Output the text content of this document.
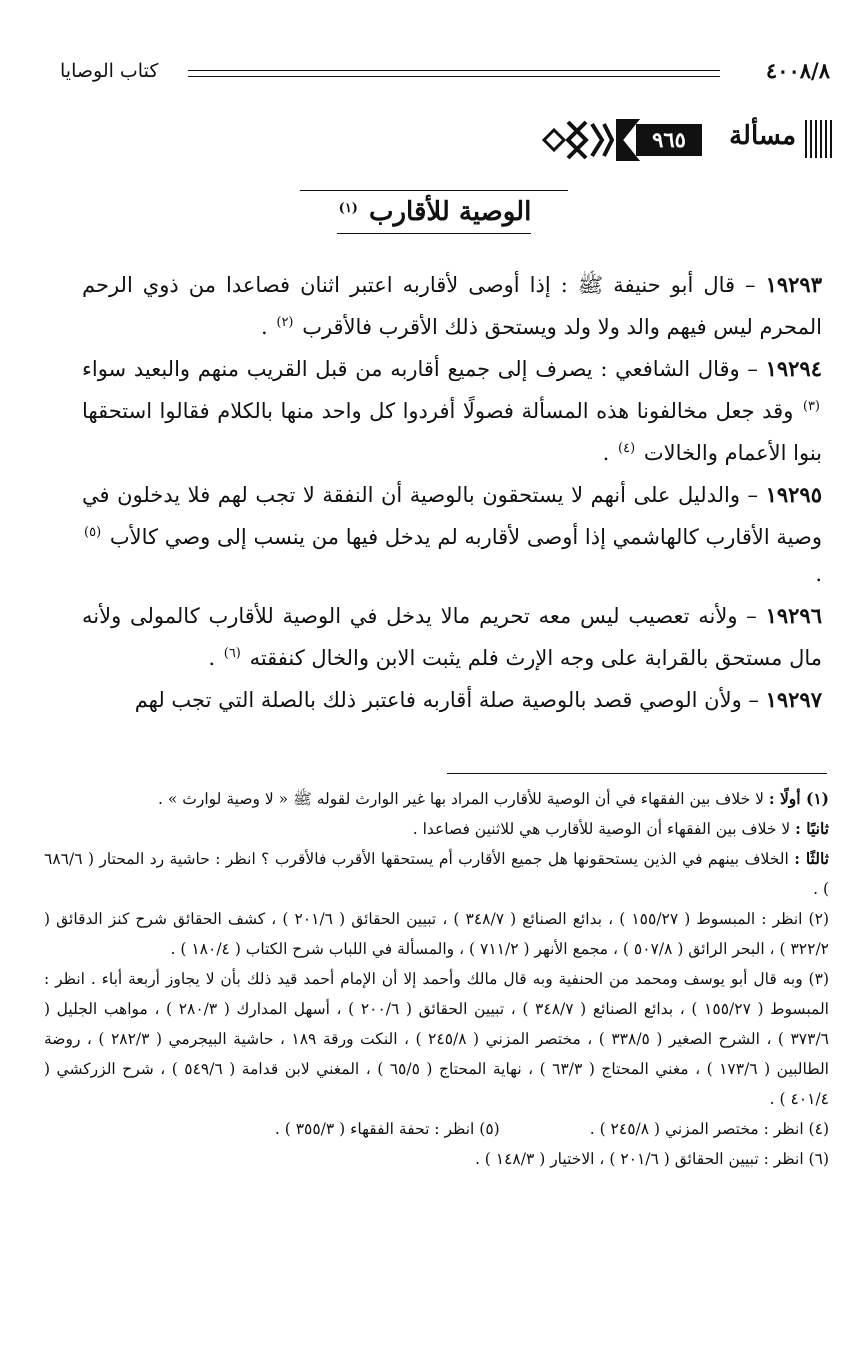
٤٠٠٨/٨
كتاب الوصايا
مسألة
٩٦٥
الوصية للأقارب $^{(١)}$

١٩٢٩٣ – قال أبو حنيفة ﷺ : إذا أوصى لأقاربه اعتبر اثنان فصاعدا من ذوي الرحم المحرم ليس فيهم والد ولا ولد ويستحق ذلك الأقرب فالأقرب $^{(٢)}$ .

١٩٢٩٤ – وقال الشافعي : يصرف إلى جميع أقاربه من قبل القريب منهم والبعيد سواء $^{(٣)}$ وقد جعل مخالفونا هذه المسألة فصولًا أفردوا كل واحد منها بالكلام فقالوا استحقها بنوا الأعمام والخالات $^{(٤)}$ .

١٩٢٩٥ – والدليل على أنهم لا يستحقون بالوصية أن النفقة لا تجب لهم فلا يدخلون في وصية الأقارب كالهاشمي إذا أوصى لأقاربه لم يدخل فيها من ينسب إلى وصي كالأب $^{(٥)}$ .

١٩٢٩٦ – ولأنه تعصيب ليس معه تحريم مالا يدخل في الوصية للأقارب كالمولى ولأنه مال مستحق بالقرابة على وجه الإرث فلم يثبت الابن والخال كنفقته $^{(٦)}$ .

١٩٢٩٧ – ولأن الوصي قصد بالوصية صلة أقاربه فاعتبر ذلك بالصلة التي تجب لهم

(١) أولًا : لا خلاف بين الفقهاء في أن الوصية للأقارب المراد بها غير الوارث لقوله ﷺ « لا وصية لوارث » .

ثانيًا : لا خلاف بين الفقهاء أن الوصية للأقارب هي للاثنين فصاعدا .

ثالثًا : الخلاف بينهم في الذين يستحقونها هل جميع الأقارب أم يستحقها الأقرب فالأقرب ؟ انظر : حاشية رد المحتار ( ٦٨٦/٦ ) .

(٢) انظر : المبسوط ( ١٥٥/٢٧ ) ، بدائع الصنائع ( ٣٤٨/٧ ) ، تبيين الحقائق ( ٢٠١/٦ ) ، كشف الحقائق شرح كنز الدقائق ( ٣٢٢/٢ ) ، البحر الرائق ( ٥٠٧/٨ ) ، مجمع الأنهر ( ٧١١/٢ ) ، والمسألة في اللباب شرح الكتاب ( ١٨٠/٤ ) .

(٣) وبه قال أبو يوسف ومحمد من الحنفية وبه قال مالك وأحمد إلا أن الإمام أحمد قيد ذلك بأن لا يجاوز أربعة أباء . انظر : المبسوط ( ١٥٥/٢٧ ) ، بدائع الصنائع ( ٣٤٨/٧ ) ، تبيين الحقائق ( ٢٠٠/٦ ) ، أسهل المدارك ( ٢٨٠/٣ ) ، مواهب الجليل ( ٣٧٣/٦ ) ، الشرح الصغير ( ٣٣٨/٥ ) ، مختصر المزني ( ٢٤٥/٨ ) ، النكت ورقة ١٨٩ ، حاشية البيجرمي ( ٢٨٢/٣ ) ، روضة الطالبين ( ١٧٣/٦ ) ، مغني المحتاج ( ٦٣/٣ ) ، نهاية المحتاج ( ٦٥/٥ ) ، المغني لابن قدامة ( ٥٤٩/٦ ) ، شرح الزركشي ( ٤٠١/٤ ) .

(٤) انظر : مختصر المزني ( ٢٤٥/٨ ) .
(٥) انظر : تحفة الفقهاء ( ٣٥٥/٣ ) .

(٦) انظر : تبيين الحقائق ( ٢٠١/٦ ) ، الاختيار ( ١٤٨/٣ ) .
